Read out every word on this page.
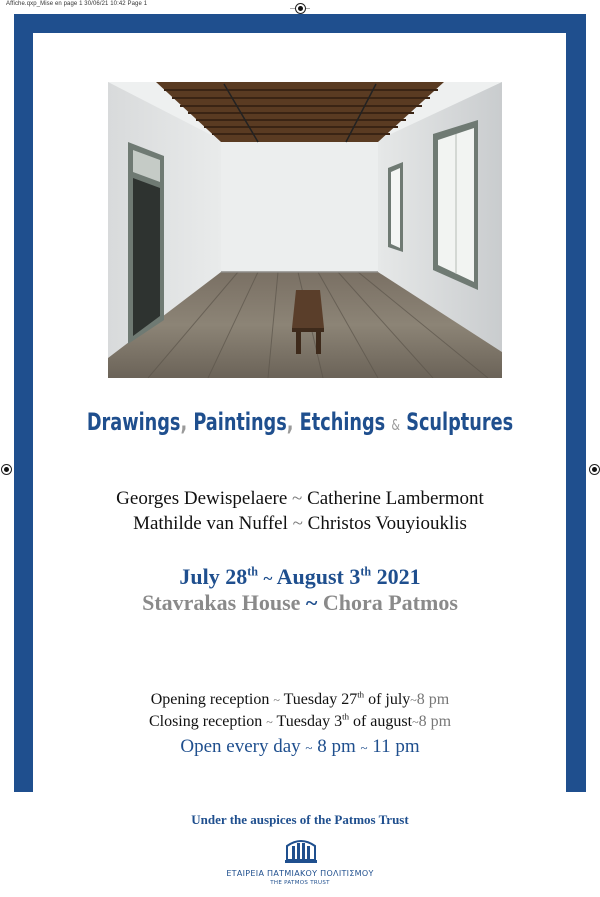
Affiche.qxp_Mise en page 1 30/06/21 10:42 Page 1
Drawings, Paintings, Etchings & Sculptures
Georges Dewispelaere ~ Catherine Lambermont
Mathilde van Nuffel ~ Christos Vouyiouklis
July 28th ~ August 3th 2021
Stavrakas House ~ Chora Patmos
Opening reception ~ Tuesday 27th of july~8 pm
Closing reception ~ Tuesday 3th of august~8 pm
Open every day ~ 8 pm ~ 11 pm
Under the auspices of the Patmos Trust
ΕΤΑΙΡΕΙΑ ΠΑΤΜΙΑΚΟΥ ΠΟΛΙΤΙΣΜΟΥ
THE PATMOS TRUST
